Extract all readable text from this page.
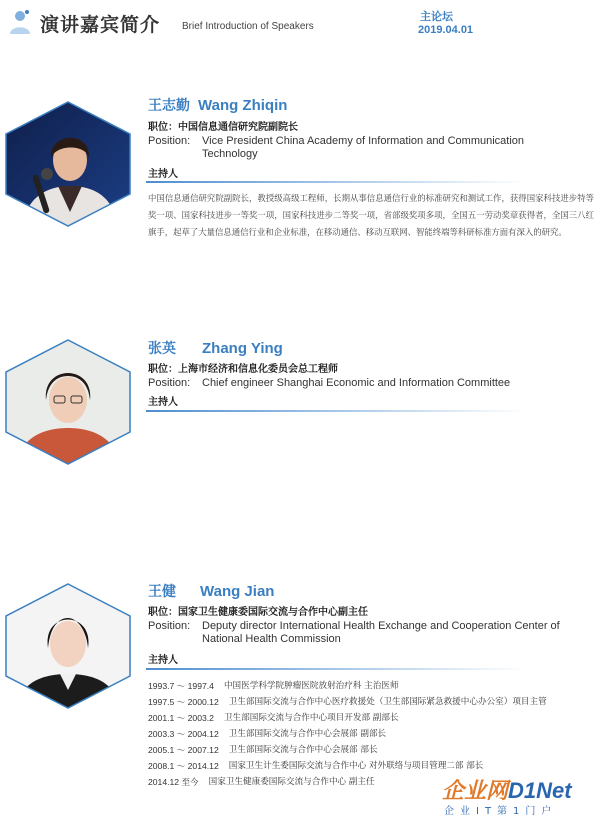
演讲嘉宾简介 Brief Introduction of Speakers
主论坛
2019.04.01
王志勤 Wang Zhiqin
职位：中国信息通信研究院副院长
Position: Vice President China Academy of Information and Communication Technology
主持人
中国信息通信研究院副院长，教授级高级工程师，长期从事信息通信行业的标准研究和测试工作，获得国家科技进步特等奖一项、国家科技进步一等奖一项，国家科技进步二等奖一项，省部级奖项多项，全国五一劳动奖章获得者，全国三八红旗手，起草了大量信息通信行业和企业标准，在移动通信、移动互联网、智能终端等科研标准方面有深入的研究。
张英 Zhang Ying
职位：上海市经济和信息化委员会总工程师
Position: Chief engineer Shanghai Economic and Information Committee
主持人
王健 Wang Jian
职位：国家卫生健康委国际交流与合作中心副主任
Position: Deputy director International Health Exchange and Cooperation Center of National Health Commission
主持人
1993.7 ～ 1997.4 中国医学科学院肿瘤医院放射治疗科 主治医师
1997.5 ～ 2000.12 卫生部国际交流与合作中心医疗救援处（卫生部国际紧急救援中心办公室）项目主管
2001.1 ～ 2003.2 卫生部国际交流与合作中心项目开发部 副部长
2003.3 ～ 2004.12 卫生部国际交流与合作中心会展部 副部长
2005.1 ～ 2007.12 卫生部国际交流与合作中心会展部 部长
2008.1 ～ 2014.12 国家卫生计生委国际交流与合作中心 对外联络与项目管理二部 部长
2014.12 至今 国家卫生健康委国际交流与合作中心 副主任	企业网D1Net
企业IT第1门户
